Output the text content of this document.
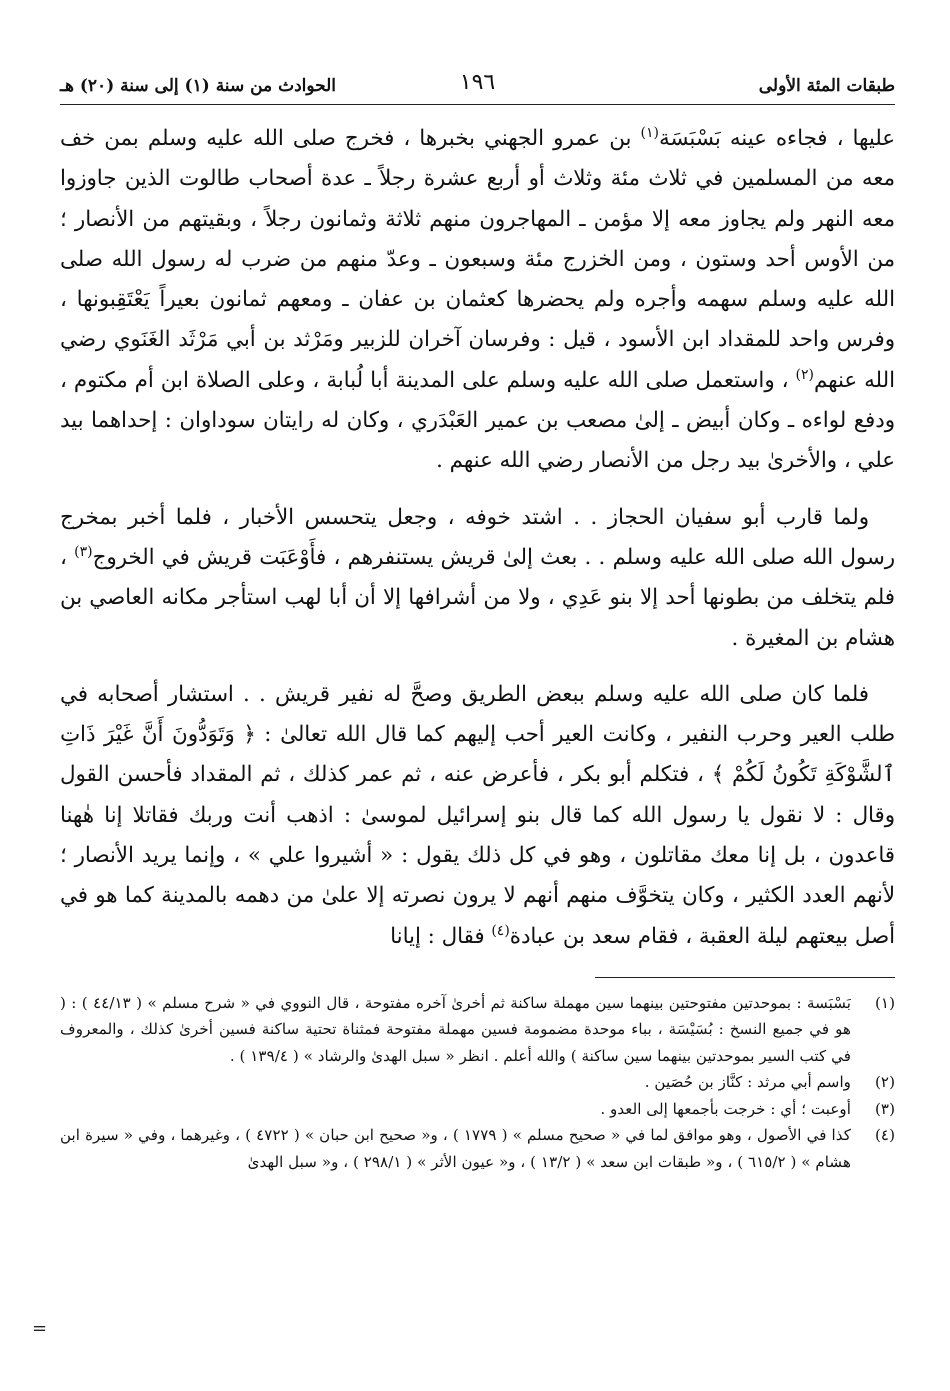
طبقات المئة الأولى
١٩٦
الحوادث من سنة (١) إلى سنة (٢٠) هـ

عليها ، فجاءه عينه بَسْبَسَة$^{(١)}$ بن عمرو الجهني بخبرها ، فخرج صلى الله عليه وسلم بمن خف معه من المسلمين في ثلاث مئة وثلاث أو أربع عشرة رجلاً ـ عدة أصحاب طالوت الذين جاوزوا معه النهر ولم يجاوز معه إلا مؤمن ـ المهاجرون منهم ثلاثة وثمانون رجلاً ، وبقيتهم من الأنصار ؛ من الأوس أحد وستون ، ومن الخزرج مئة وسبعون ـ وعدّ منهم من ضرب له رسول الله صلى الله عليه وسلم سهمه وأجره ولم يحضرها كعثمان بن عفان ـ ومعهم ثمانون بعيراً يَعْتَقِبونها ، وفرس واحد للمقداد ابن الأسود ، قيل : وفرسان آخران للزبير ومَرْثد بن أبي مَرْثَد الغَنَوي رضي الله عنهم$^{(٢)}$ ، واستعمل صلى الله عليه وسلم على المدينة أبا لُبابة ، وعلى الصلاة ابن أم مكتوم ، ودفع لواءه ـ وكان أبيض ـ إلىٰ مصعب بن عمير العَبْدَري ، وكان له رايتان سوداوان : إحداهما بيد علي ، والأخرىٰ بيد رجل من الأنصار رضي الله عنهم .

ولما قارب أبو سفيان الحجاز . . اشتد خوفه ، وجعل يتحسس الأخبار ، فلما أخبر بمخرج رسول الله صلى الله عليه وسلم . . بعث إلىٰ قريش يستنفرهم ، فأَوْعَبَت قريش في الخروج$^{(٣)}$ ، فلم يتخلف من بطونها أحد إلا بنو عَدِي ، ولا من أشرافها إلا أن أبا لهب استأجر مكانه العاصي بن هشام بن المغيرة .

فلما كان صلى الله عليه وسلم ببعض الطريق وصحَّ له نفير قريش . . استشار أصحابه في طلب العير وحرب النفير ، وكانت العير أحب إليهم كما قال الله تعالىٰ : ﴿ وَتَوَدُّونَ أَنَّ غَيْرَ ذَاتِ ٱلشَّوْكَةِ تَكُونُ لَكُمْ ﴾ ، فتكلم أبو بكر ، فأعرض عنه ، ثم عمر كذلك ، ثم المقداد فأحسن القول وقال : لا نقول يا رسول الله كما قال بنو إسرائيل لموسىٰ : اذهب أنت وربك فقاتلا إنا هٰهنا قاعدون ، بل إنا معك مقاتلون ، وهو في كل ذلك يقول : « أشيروا علي » ، وإنما يريد الأنصار ؛ لأنهم العدد الكثير ، وكان يتخوَّف منهم أنهم لا يرون نصرته إلا علىٰ من دهمه بالمدينة كما هو في أصل بيعتهم ليلة العقبة ، فقام سعد بن عبادة$^{(٤)}$ فقال : إيانا

(١)
بَسْبَسة : بموحدتين مفتوحتين بينهما سين مهملة ساكنة ثم أخرىٰ آخره مفتوحة ، قال النووي في « شرح مسلم » ( ٤٤/١٣ ) : ( هو في جميع النسخ : بُسَيْسَة ، بباء موحدة مضمومة فسين مهملة مفتوحة فمثناة تحتية ساكنة فسين أخرىٰ كذلك ، والمعروف في كتب السير بموحدتين بينهما سين ساكنة ) والله أعلم . انظر « سبل الهدىٰ والرشاد » ( ١٣٩/٤ ) .
(٢)
واسم أبي مرثد : كنَّاز بن حُصَين .
(٣)
أوعبت ؛ أي : خرجت بأجمعها إلى العدو .
(٤)
كذا في الأصول ، وهو موافق لما في « صحيح مسلم » ( ١٧٧٩ ) ، و« صحيح ابن حبان » ( ٤٧٢٢ ) ، وغيرهما ، وفي « سيرة ابن هشام » ( ٦١٥/٢ ) ، و« طبقات ابن سعد » ( ١٣/٢ ) ، و« عيون الأثر » ( ٢٩٨/١ ) ، و« سبل الهدىٰ
=
